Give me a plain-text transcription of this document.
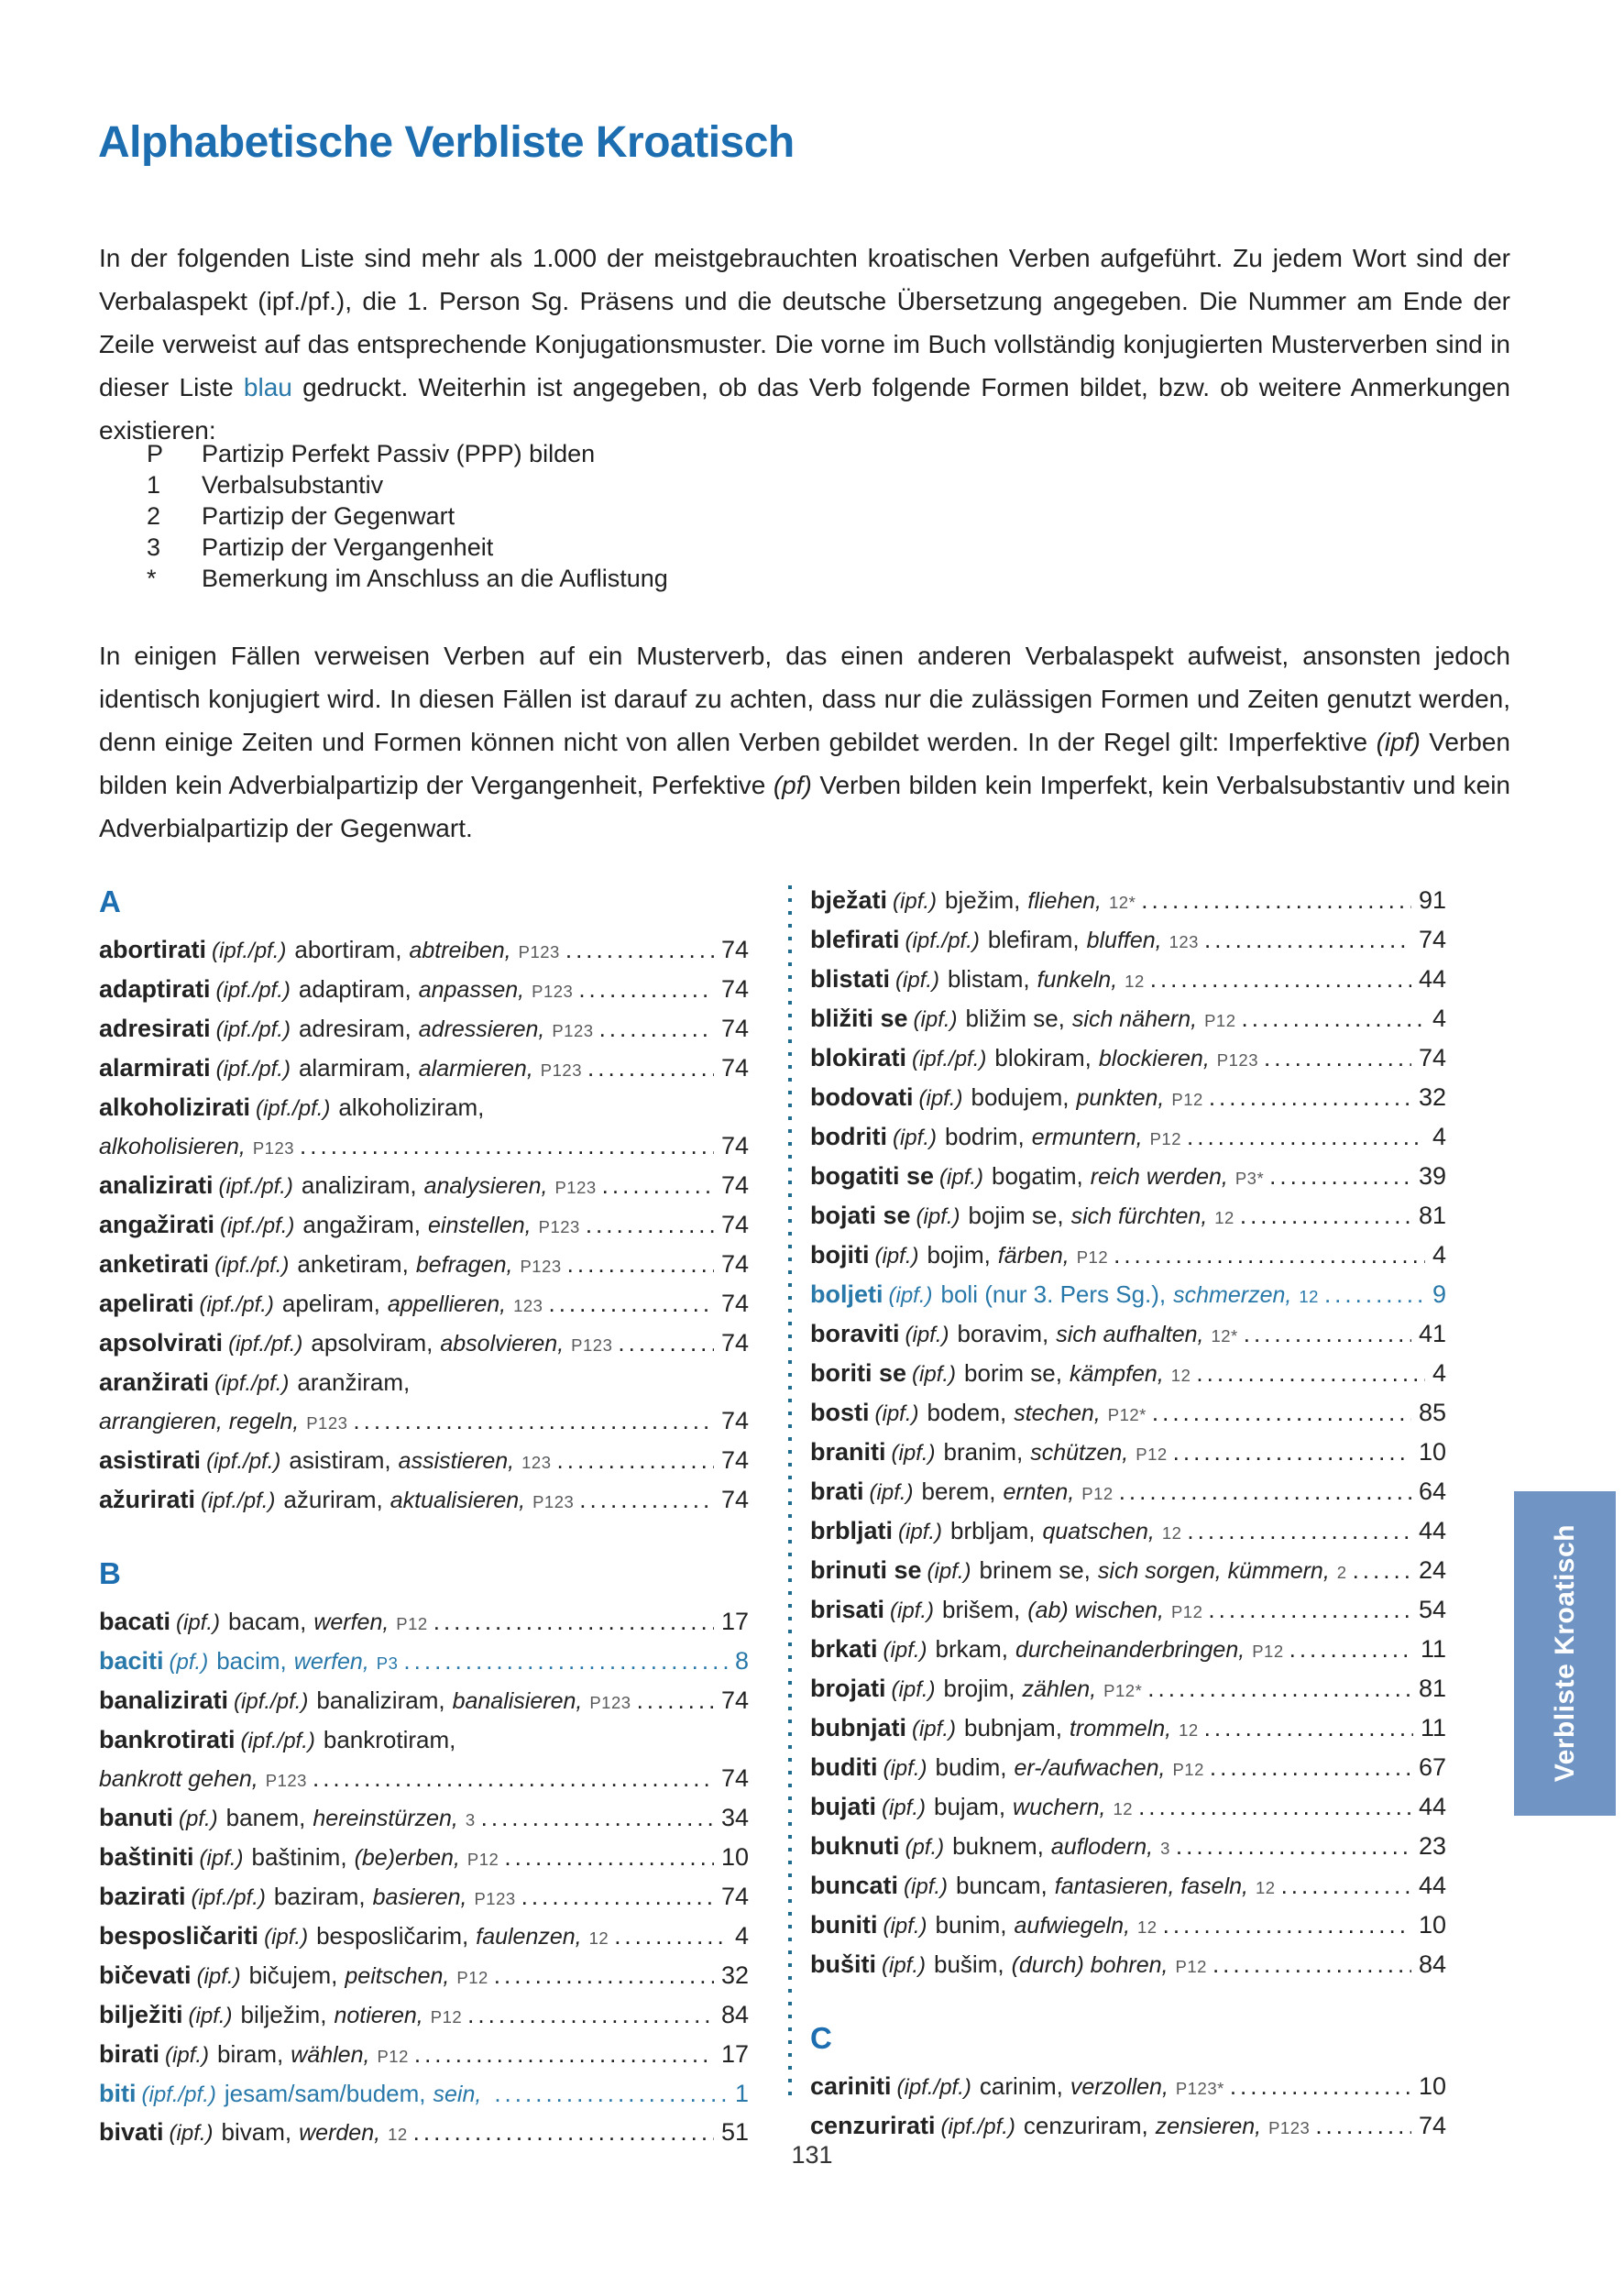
Alphabetische Verbliste Kroatisch

In der folgenden Liste sind mehr als 1.000 der meistgebrauchten kroatischen Verben aufgeführt. Zu jedem Wort sind der Verbalaspekt (ipf./pf.), die 1. Person Sg. Präsens und die deutsche Übersetzung angegeben. Die Nummer am Ende der Zeile verweist auf das entsprechende Konjugationsmuster. Die vorne im Buch vollständig konjugierten Musterverben sind in dieser Liste blau gedruckt. Weiterhin ist angegeben, ob das Verb folgende Formen bildet, bzw. ob weitere Anmerkungen existieren:

P	Partizip Perfekt Passiv (PPP) bilden
1	Verbalsubstantiv
2	Partizip der Gegenwart
3	Partizip der Vergangenheit
*	Bemerkung im Anschluss an die Auflistung

In einigen Fällen verweisen Verben auf ein Musterverb, das einen anderen Verbalaspekt aufweist, ansonsten jedoch identisch konjugiert wird. In diesen Fällen ist darauf zu achten, dass nur die zulässigen Formen und Zeiten genutzt werden, denn einige Zeiten und Formen können nicht von allen Verben gebildet werden. In der Regel gilt: Imperfektive (ipf) Verben bilden kein Adverbialpartizip der Vergangenheit, Perfektive (pf) Verben bilden kein Imperfekt, kein Verbalsubstantiv und kein Adverbialpartizip der Gegenwart.

A
abortirati (ipf./pf.) abortiram, abtreiben, P123 .....	74
adaptirati (ipf./pf.) adaptiram, anpassen, P123 .....	74
adresirati (ipf./pf.) adresiram, adressieren, P123 .....	74
alarmirati (ipf./pf.) alarmiram, alarmieren, P123 .....	74
alkoholizirati (ipf./pf.) alkoholiziram,
alkoholisieren, P123 .....	74
analizirati (ipf./pf.) analiziram, analysieren, P123 .....	74
angažirati (ipf./pf.) angažiram, einstellen, P123 .....	74
anketirati (ipf./pf.) anketiram, befragen, P123 .....	74
apelirati (ipf./pf.) apeliram, appellieren, 123 .....	74
apsolvirati (ipf./pf.) apsolviram, absolvieren, P123 .....	74
aranžirati (ipf./pf.) aranžiram,
arrangieren, regeln, P123 .....	74
asistirati (ipf./pf.) asistiram, assistieren, 123 .....	74
ažurirati (ipf./pf.) ažuriram, aktualisieren, P123 .....	74
B
bacati (ipf.) bacam, werfen, P12 .....	17
baciti (pf.) bacim, werfen, P3 .....	8
banalizirati (ipf./pf.) banaliziram, banalisieren, P123 .....	74
bankrotirati (ipf./pf.) bankrotiram,
bankrott gehen, P123 .....	74
banuti (pf.) banem, hereinstürzen, 3 .....	34
baštiniti (ipf.) baštinim, (be)erben, P12 .....	10
bazirati (ipf./pf.) baziram, basieren, P123 .....	74
besposličariti (ipf.) besposličarim, faulenzen, 12 .....	4
bičevati (ipf.) bičujem, peitschen, P12 .....	32
bilježiti (ipf.) bilježim, notieren, P12 .....	84
birati (ipf.) biram, wählen, P12 .....	17
biti (ipf./pf.) jesam/sam/budem, sein, .....	1
bivati (ipf.) bivam, werden, 12 .....	51
bježati (ipf.) bježim, fliehen, 12* .....	91
blefirati (ipf./pf.) blefiram, bluffen, 123 .....	74
blistati (ipf.) blistam, funkeln, 12 .....	44
bližiti se (ipf.) bližim se, sich nähern, P12 .....	4
blokirati (ipf./pf.) blokiram, blockieren, P123 .....	74
bodovati (ipf.) bodujem, punkten, P12 .....	32
bodriti (ipf.) bodrim, ermuntern, P12 .....	4
bogatiti se (ipf.) bogatim, reich werden, P3* .....	39
bojati se (ipf.) bojim se, sich fürchten, 12 .....	81
bojiti (ipf.) bojim, färben, P12 .....	4
boljeti (ipf.) boli (nur 3. Pers Sg.), schmerzen, 12 .....	9
boraviti (ipf.) boravim, sich aufhalten, 12* .....	41
boriti se (ipf.) borim se, kämpfen, 12 .....	4
bosti (ipf.) bodem, stechen, P12* .....	85
braniti (ipf.) branim, schützen, P12 .....	10
brati (ipf.) berem, ernten, P12 .....	64
brbljati (ipf.) brbljam, quatschen, 12 .....	44
brinuti se (ipf.) brinem se, sich sorgen, kümmern, 2 .....	24
brisati (ipf.) brišem, (ab) wischen, P12 .....	54
brkati (ipf.) brkam, durcheinanderbringen, P12 .....	11
brojati (ipf.) brojim, zählen, P12* .....	81
bubnjati (ipf.) bubnjam, trommeln, 12 .....	11
buditi (ipf.) budim, er-/aufwachen, P12 .....	67
bujati (ipf.) bujam, wuchern, 12 .....	44
buknuti (pf.) buknem, auflodern, 3 .....	23
buncati (ipf.) buncam, fantasieren, faseln, 12 .....	44
buniti (ipf.) bunim, aufwiegeln, 12 .....	10
bušiti (ipf.) bušim, (durch) bohren, P12 .....	84
C
cariniti (ipf./pf.) carinim, verzollen, P123* .....	10
cenzurirati (ipf./pf.) cenzuriram, zensieren, P123 .....	74
Verbliste Kroatisch
131
